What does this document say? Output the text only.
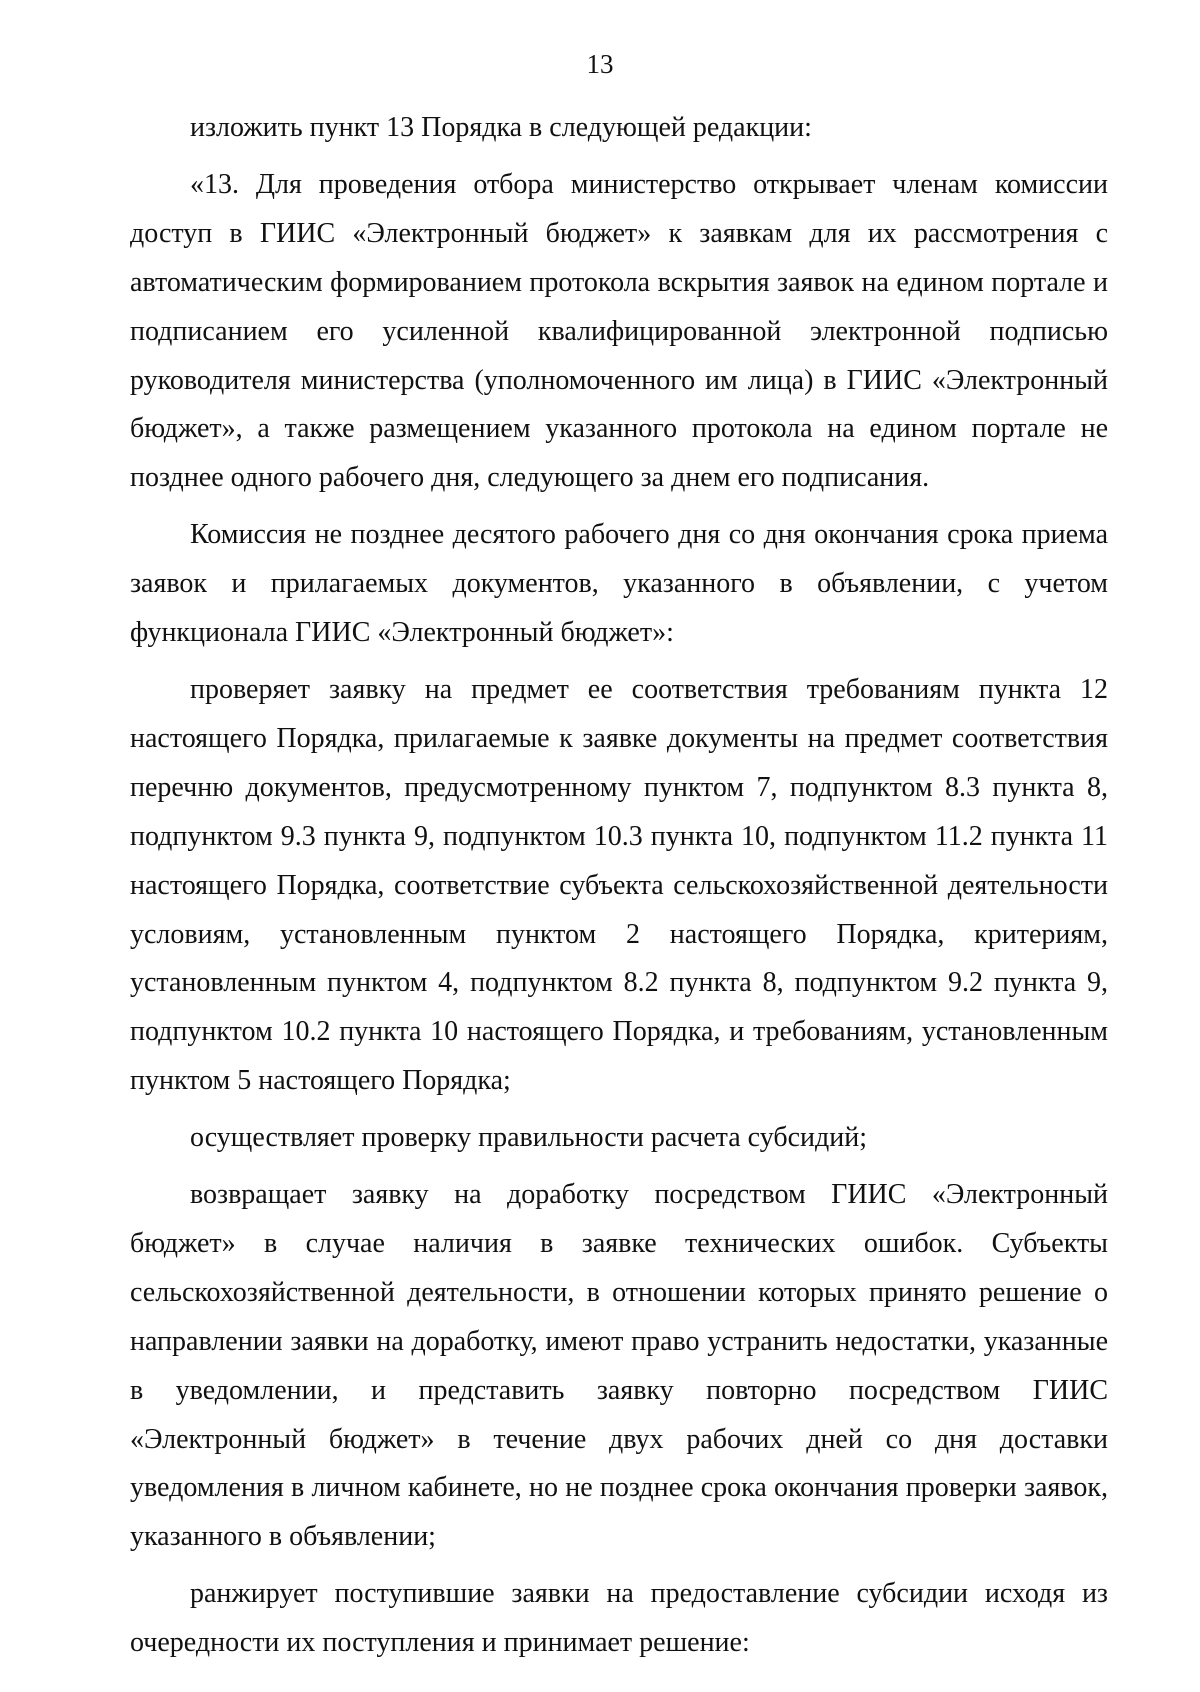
13

изложить пункт 13 Порядка в следующей редакции:

«13. Для проведения отбора министерство открывает членам комиссии доступ в ГИИС «Электронный бюджет» к заявкам для их рассмотрения с автоматическим формированием протокола вскрытия заявок на едином портале и подписанием его усиленной квалифицированной электронной подписью руководителя министерства (уполномоченного им лица) в ГИИС «Электронный бюджет», а также размещением указанного протокола на едином портале не позднее одного рабочего дня, следующего за днем его подписания.

Комиссия не позднее десятого рабочего дня со дня окончания срока приема заявок и прилагаемых документов, указанного в объявлении, с учетом функционала ГИИС «Электронный бюджет»:

проверяет заявку на предмет ее соответствия требованиям пункта 12 настоящего Порядка, прилагаемые к заявке документы на предмет соответствия перечню документов, предусмотренному пунктом 7, подпунктом 8.3 пункта 8, подпунктом 9.3 пункта 9, подпунктом 10.3 пункта 10, подпунктом 11.2 пункта 11 настоящего Порядка, соответствие субъекта сельскохозяйственной деятельности условиям, установленным пунктом 2 настоящего Порядка, критериям, установленным пунктом 4, подпунктом 8.2 пункта 8, подпунктом 9.2 пункта 9, подпунктом 10.2 пункта 10 настоящего Порядка, и требованиям, установленным пунктом 5 настоящего Порядка;

осуществляет проверку правильности расчета субсидий;

возвращает заявку на доработку посредством ГИИС «Электронный бюджет» в случае наличия в заявке технических ошибок. Субъекты сельскохозяйственной деятельности, в отношении которых принято решение о направлении заявки на доработку, имеют право устранить недостатки, указанные в уведомлении, и представить заявку повторно посредством ГИИС «Электронный бюджет» в течение двух рабочих дней со дня доставки уведомления в личном кабинете, но не позднее срока окончания проверки заявок, указанного в объявлении;

ранжирует поступившие заявки на предоставление субсидии исходя из очередности их поступления и принимает решение:
